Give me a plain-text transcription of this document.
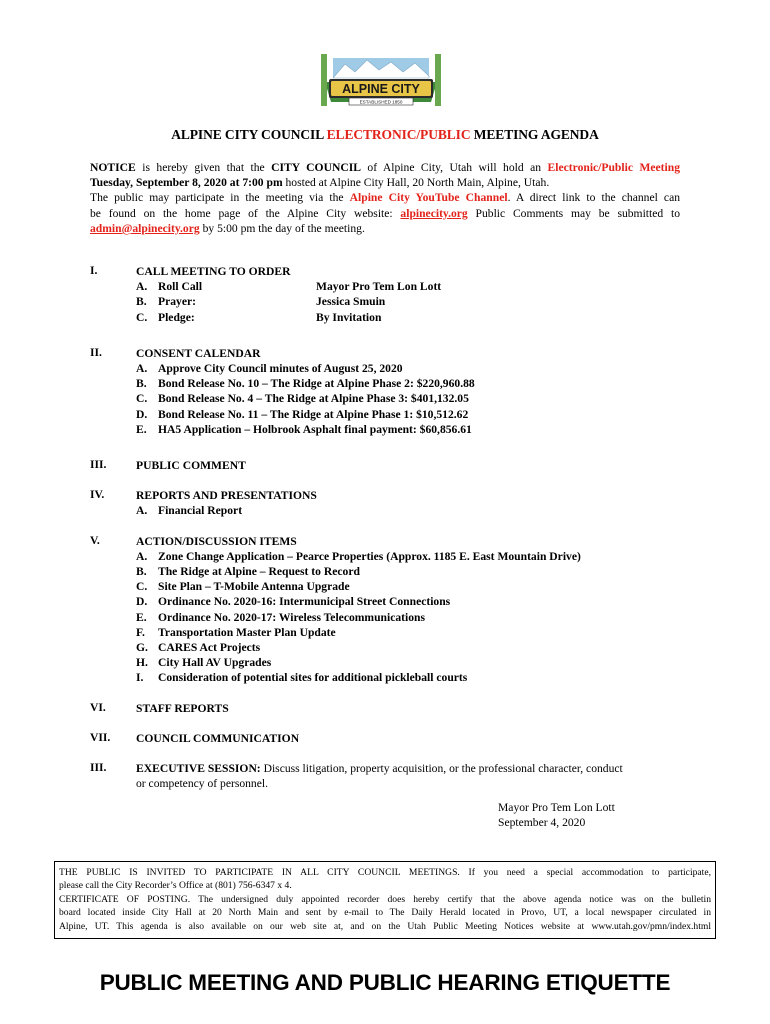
ALPINE CITY
ESTABLISHED 1850
ALPINE CITY COUNCIL ELECTRONIC/PUBLIC MEETING AGENDA
NOTICE is hereby given that the CITY COUNCIL of Alpine City, Utah will hold an Electronic/Public Meeting
Tuesday, September 8, 2020 at 7:00 pm hosted at Alpine City Hall, 20 North Main, Alpine, Utah.
The public may participate in the meeting via the Alpine City YouTube Channel. A direct link to the channel can
be found on the home page of the Alpine City website: alpinecity.org Public Comments may be submitted to
admin@alpinecity.org by 5:00 pm the day of the meeting.
I.	CALL MEETING TO ORDER
A. Roll Call	Mayor Pro Tem Lon Lott
B. Prayer:	Jessica Smuin
C. Pledge:	By Invitation
II.	CONSENT CALENDAR
A. Approve City Council minutes of August 25, 2020
B. Bond Release No. 10 – The Ridge at Alpine Phase 2: $220,960.88
C. Bond Release No. 4 – The Ridge at Alpine Phase 3: $401,132.05
D. Bond Release No. 11 – The Ridge at Alpine Phase 1: $10,512.62
E. HA5 Application – Holbrook Asphalt final payment: $60,856.61
III.	PUBLIC COMMENT
IV.	REPORTS AND PRESENTATIONS
A. Financial Report
V.	ACTION/DISCUSSION ITEMS
A. Zone Change Application – Pearce Properties (Approx. 1185 E. East Mountain Drive)
B. The Ridge at Alpine – Request to Record
C. Site Plan – T-Mobile Antenna Upgrade
D. Ordinance No. 2020-16: Intermunicipal Street Connections
E. Ordinance No. 2020-17: Wireless Telecommunications
F. Transportation Master Plan Update
G. CARES Act Projects
H. City Hall AV Upgrades
I. Consideration of potential sites for additional pickleball courts
VI.	STAFF REPORTS
VII. COUNCIL COMMUNICATION
III.	EXECUTIVE SESSION: Discuss litigation, property acquisition, or the professional character, conduct
or competency of personnel.
Mayor Pro Tem Lon Lott
September 4, 2020
THE PUBLIC IS INVITED TO PARTICIPATE IN ALL CITY COUNCIL MEETINGS. If you need a special accommodation to participate,
please call the City Recorder’s Office at (801) 756-6347 x 4.
CERTIFICATE OF POSTING. The undersigned duly appointed recorder does hereby certify that the above agenda notice was on the bulletin
board located inside City Hall at 20 North Main and sent by e-mail to The Daily Herald located in Provo, UT, a local newspaper circulated in
Alpine, UT. This agenda is also available on our web site at, and on the Utah Public Meeting Notices website at www.utah.gov/pmn/index.html
PUBLIC MEETING AND PUBLIC HEARING ETIQUETTE
